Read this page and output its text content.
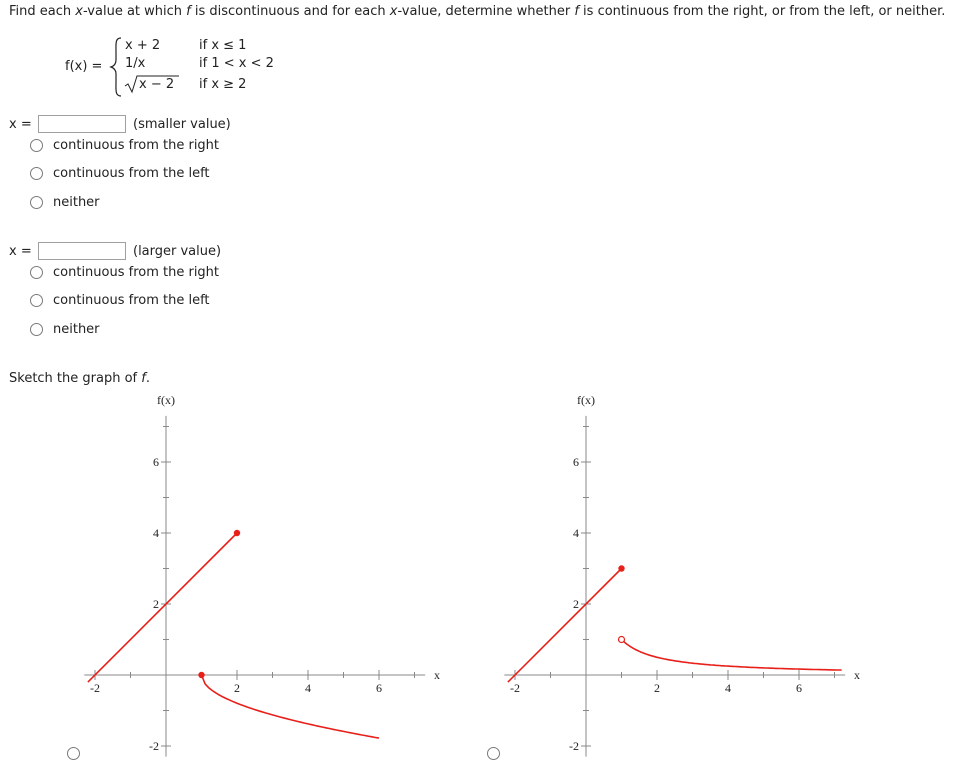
Find each x-value at which f is discontinuous and for each x-value, determine whether f is continuous from the right, or from the left, or neither.
f(x) =
x + 2	if x ≤ 1
1/x	if 1 < x < 2
x − 2 if x ≥ 2
x =	(smaller value)
continuous from the right
continuous from the left
neither
x =	(larger value)
continuous from the right
continuous from the left
neither
Sketch the graph of f.
-2	2	4	6
6
4
2
-2
f(x)
x
-2	2	4	6
6
4
2
-2
f(x)
x
